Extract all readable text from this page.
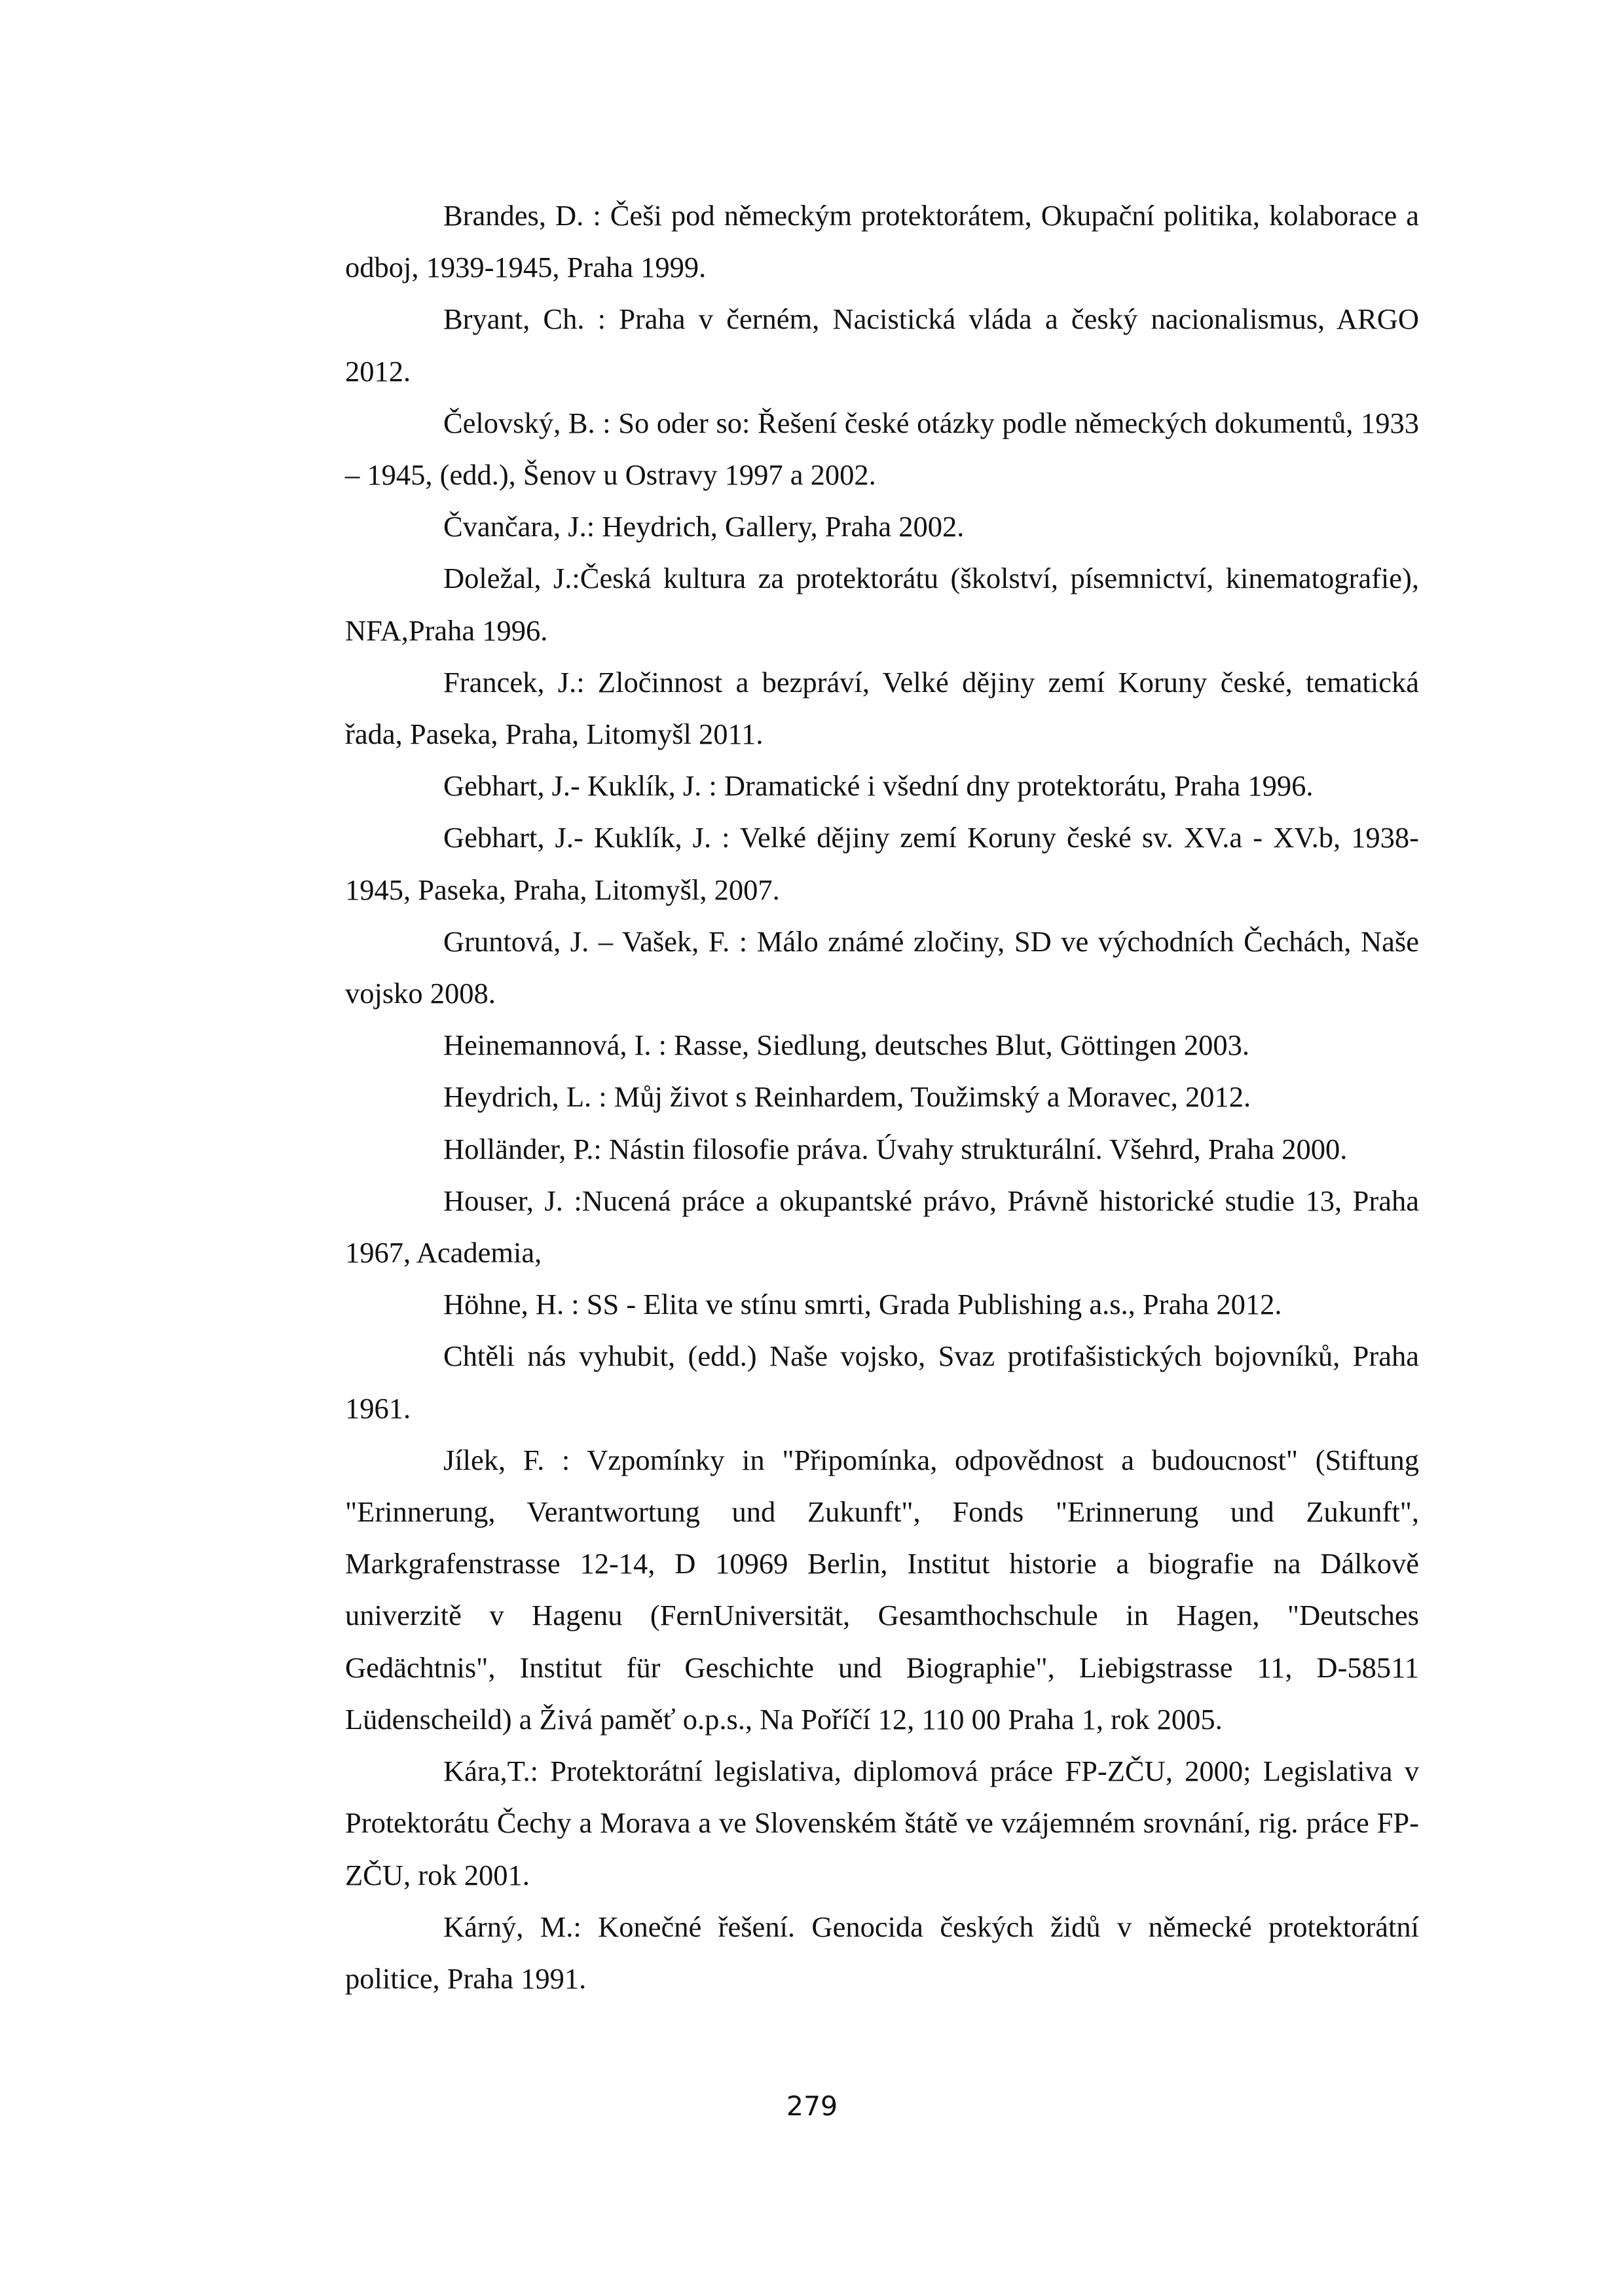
Brandes, D. : Češi pod německým protektorátem, Okupační politika, kolaborace a odboj, 1939-1945, Praha 1999.

Bryant, Ch. : Praha v černém, Nacistická vláda a český nacionalismus, ARGO 2012.

Čelovský, B. : So oder so: Řešení české otázky podle německých dokumentů, 1933 – 1945, (edd.), Šenov u Ostravy 1997 a 2002.

Čvančara, J.: Heydrich, Gallery, Praha 2002.

Doležal, J.:Česká kultura za protektorátu (školství, písemnictví, kinematografie), NFA,Praha 1996.

Francek, J.: Zločinnost a bezpráví, Velké dějiny zemí Koruny české, tematická řada, Paseka, Praha, Litomyšl 2011.

Gebhart, J.- Kuklík, J. : Dramatické i všední dny protektorátu, Praha 1996.

Gebhart, J.- Kuklík, J. : Velké dějiny zemí Koruny české sv. XV.a - XV.b, 1938-1945, Paseka, Praha, Litomyšl, 2007.

Gruntová, J. – Vašek, F. : Málo známé zločiny, SD ve východních Čechách, Naše vojsko 2008.

Heinemannová, I. : Rasse, Siedlung, deutsches Blut, Göttingen 2003.

Heydrich, L. : Můj život s Reinhardem, Toužimský a Moravec, 2012.

Holländer, P.: Nástin filosofie práva. Úvahy strukturální. Všehrd, Praha 2000.

Houser, J. :Nucená práce a okupantské právo, Právně historické studie 13, Praha 1967, Academia,

Höhne, H. : SS - Elita ve stínu smrti, Grada Publishing a.s., Praha 2012.

Chtěli nás vyhubit, (edd.) Naše vojsko, Svaz protifašistických bojovníků, Praha 1961.

Jílek, F. : Vzpomínky in "Připomínka, odpovědnost a budoucnost" (Stiftung "Erinnerung, Verantwortung und Zukunft", Fonds "Erinnerung und Zukunft", Markgrafenstrasse 12-14, D 10969 Berlin, Institut historie a biografie na Dálkově univerzitě v Hagenu (FernUniversität, Gesamthochschule in Hagen, "Deutsches Gedächtnis", Institut für Geschichte und Biographie", Liebigstrasse 11, D-58511 Lüdenscheild) a Živá paměť o.p.s., Na Poříčí 12, 110 00 Praha 1, rok 2005.

Kára,T.: Protektorátní legislativa, diplomová práce FP-ZČU, 2000; Legislativa v Protektorátu Čechy a Morava a ve Slovenském štátě ve vzájemném srovnání, rig. práce FP-ZČU, rok 2001.

Kárný, M.: Konečné řešení. Genocida českých židů v německé protektorátní politice, Praha 1991.

279
